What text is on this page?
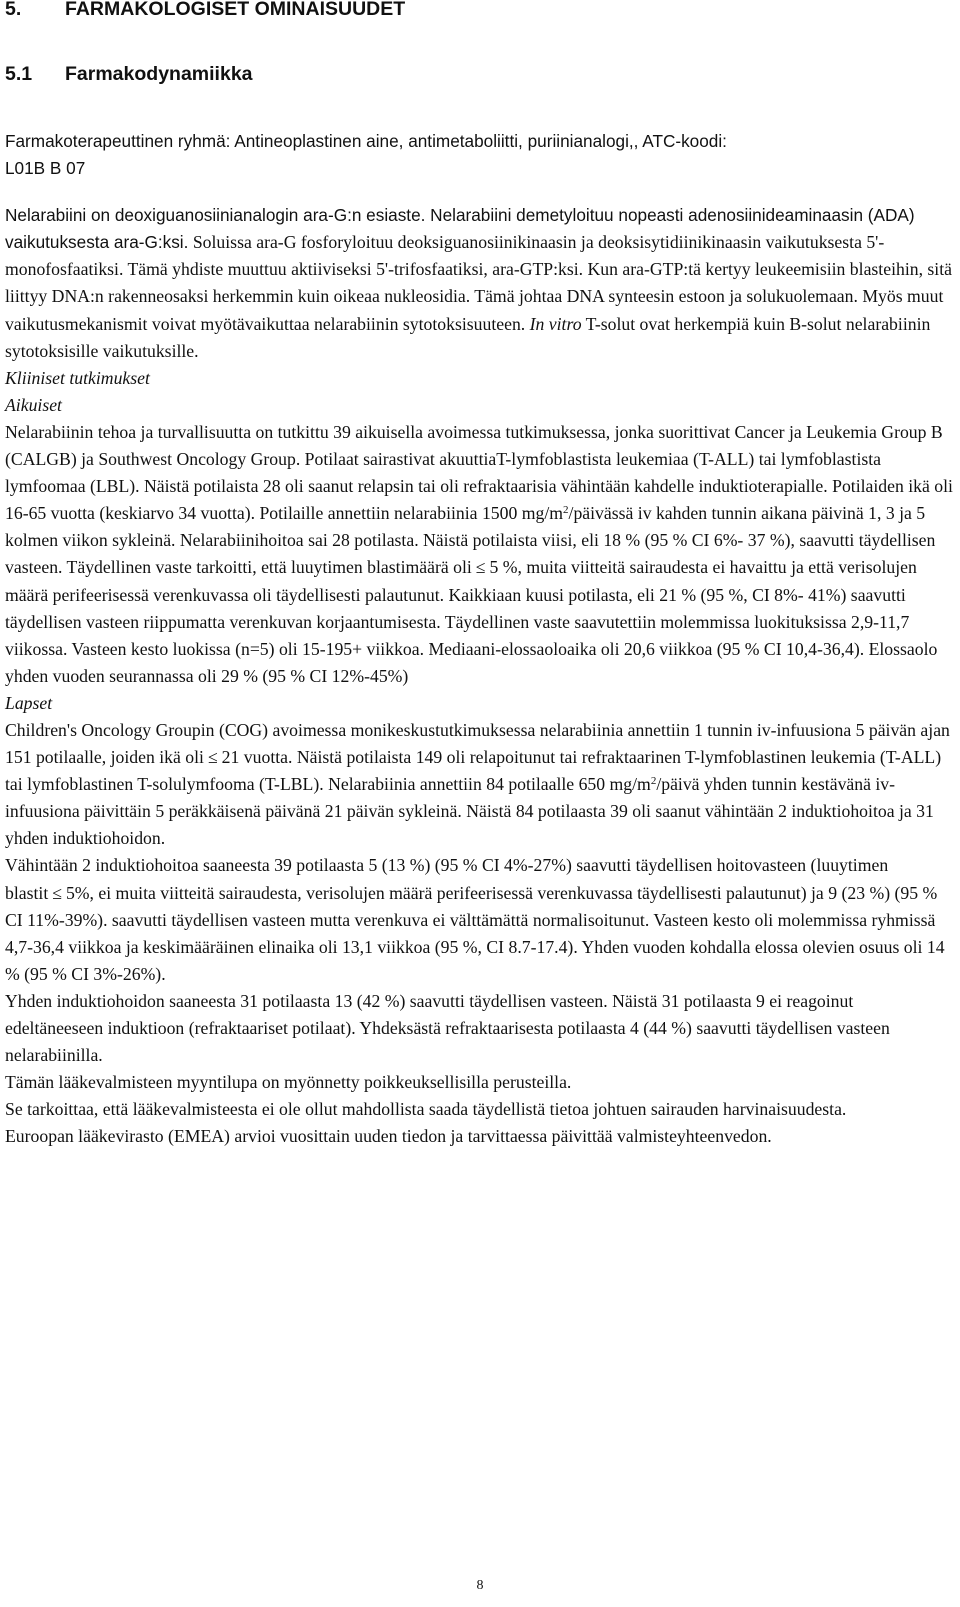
5. FARMAKOLOGISET OMINAISUUDET
5.1 Farmakodynamiikka

Farmakoterapeuttinen ryhmä: Antineoplastinen aine, antimetaboliitti, puriinianalogi,, ATC-koodi:
L01B B 07

Nelarabiini on deoxiguanosiinianalogin ara-G:n esiaste. Nelarabiini demetyloituu nopeasti adenosiinideaminaasin (ADA) vaikutuksesta ara-G:ksi. Soluissa ara-G fosforyloituu deoksiguanosiinikinaasin ja deoksisytidiinikinaasin vaikutuksesta 5'-monofosfaatiksi. Tämä yhdiste muuttuu aktiiviseksi 5'-trifosfaatiksi, ara-GTP:ksi. Kun ara-GTP:tä kertyy leukeemisiin blasteihin, sitä liittyy DNA:n rakenneosaksi herkemmin kuin oikeaa nukleosidia. Tämä johtaa DNA synteesin estoon ja solukuolemaan. Myös muut vaikutusmekanismit voivat myötävaikuttaa nelarabiinin sytotoksisuuteen. In vitro T-solut ovat herkempiä kuin B-solut nelarabiinin sytotoksisille vaikutuksille.

Kliiniset tutkimukset

Aikuiset

Nelarabiinin tehoa ja turvallisuutta on tutkittu 39 aikuisella avoimessa tutkimuksessa, jonka suorittivat Cancer ja Leukemia Group B (CALGB) ja Southwest Oncology Group. Potilaat sairastivat akuuttiaT-lymfoblastista leukemiaa (T-ALL) tai lymfoblastista lymfoomaa (LBL). Näistä potilaista 28 oli saanut relapsin tai oli refraktaarisia vähintään kahdelle induktioterapialle. Potilaiden ikä oli 16-65 vuotta (keskiarvo 34 vuotta). Potilaille annettiin nelarabiinia 1500 $mg/m^2$/päivässä iv kahden tunnin aikana päivinä 1, 3 ja 5 kolmen viikon sykleinä. Nelarabiinihoitoa sai 28 potilasta. Näistä potilaista viisi, eli 18 % (95 % CI 6%- 37 %), saavutti täydellisen vasteen. Täydellinen vaste tarkoitti, että luuytimen blastimäärä oli ≤ 5 %, muita viitteitä sairaudesta ei havaittu ja että verisolujen määrä perifeerisessä verenkuvassa oli täydellisesti palautunut. Kaikkiaan kuusi potilasta, eli 21 % (95 %, CI 8%- 41%) saavutti täydellisen vasteen riippumatta verenkuvan korjaantumisesta. Täydellinen vaste saavutettiin molemmissa luokituksissa 2,9-11,7 viikossa. Vasteen kesto luokissa (n=5) oli 15-195+ viikkoa. Mediaani-elossaoloaika oli 20,6 viikkoa (95 % CI 10,4-36,4). Elossaolo yhden vuoden seurannassa oli 29 % (95 % CI 12%-45%)

Lapset

Children's Oncology Groupin (COG) avoimessa monikeskustutkimuksessa nelarabiinia annettiin 1 tunnin iv-infuusiona 5 päivän ajan 151 potilaalle, joiden ikä oli ≤ 21 vuotta. Näistä potilaista 149 oli relapoitunut tai refraktaarinen T-lymfoblastinen leukemia (T-ALL) tai lymfoblastinen T-solulymfooma (T-LBL). Nelarabiinia annettiin 84 potilaalle 650 $mg/m^2$/päivä yhden tunnin kestävänä iv-infuusiona päivittäin 5 peräkkäisenä päivänä 21 päivän sykleinä. Näistä 84 potilaasta 39 oli saanut vähintään 2 induktiohoitoa ja 31 yhden induktiohoidon.

Vähintään 2 induktiohoitoa saaneesta 39 potilaasta 5 (13 %) (95 % CI 4%-27%) saavutti täydellisen hoitovasteen (luuytimen blastit ≤ 5%, ei muita viitteitä sairaudesta, verisolujen määrä perifeerisessä verenkuvassa täydellisesti palautunut) ja 9 (23 %) (95 % CI 11%-39%). saavutti täydellisen vasteen mutta verenkuva ei välttämättä normalisoitunut. Vasteen kesto oli molemmissa ryhmissä 4,7-36,4 viikkoa ja keskimääräinen elinaika oli 13,1 viikkoa (95 %, CI 8.7-17.4). Yhden vuoden kohdalla elossa olevien osuus oli 14 % (95 % CI 3%-26%).

Yhden induktiohoidon saaneesta 31 potilaasta 13 (42 %) saavutti täydellisen vasteen. Näistä 31 potilaasta 9 ei reagoinut edeltäneeseen induktioon (refraktaariset potilaat). Yhdeksästä refraktaarisesta potilaasta 4 (44 %) saavutti täydellisen vasteen nelarabiinilla.

Tämän lääkevalmisteen myyntilupa on myönnetty poikkeuksellisilla perusteilla.

Se tarkoittaa, että lääkevalmisteesta ei ole ollut mahdollista saada täydellistä tietoa johtuen sairauden harvinaisuudesta.

Euroopan lääkevirasto (EMEA) arvioi vuosittain uuden tiedon ja tarvittaessa päivittää valmisteyhteenvedon.

8
